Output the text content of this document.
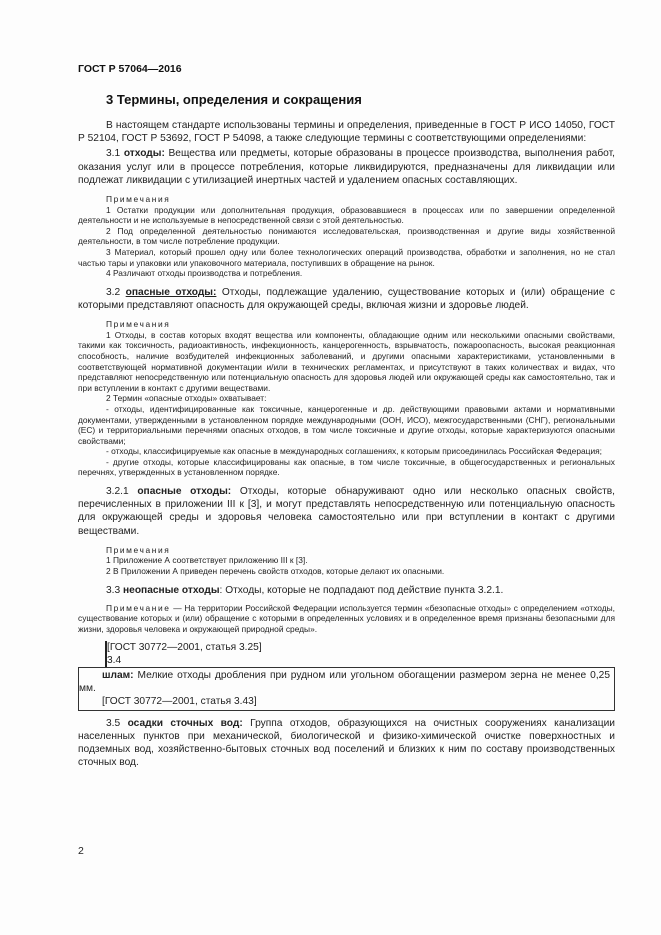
ГОСТ Р 57064—2016
3 Термины, определения и сокращения

В настоящем стандарте использованы термины и определения, приведенные в ГОСТ Р ИСО 14050, ГОСТ Р 52104, ГОСТ Р 53692, ГОСТ Р 54098, а также следующие термины с соответствующими определениями:

3.1 отходы: Вещества или предметы, которые образованы в процессе производства, выполнения работ, оказания услуг или в процессе потребления, которые ликвидируются, предназначены для ликвидации или подлежат ликвидации с утилизацией инертных частей и удалением опасных составляющих.

Примечания

1 Остатки продукции или дополнительная продукция, образовавшиеся в процессах или по завершении определенной деятельности и не используемые в непосредственной связи с этой деятельностью.

2 Под определенной деятельностью понимаются исследовательская, производственная и другие виды хозяйственной деятельности, в том числе потребление продукции.

3 Материал, который прошел одну или более технологических операций производства, обработки и заполнения, но не стал частью тары и упаковки или упаковочного материала, поступивших в обращение на рынок.

4 Различают отходы производства и потребления.

3.2 опасные отходы: Отходы, подлежащие удалению, существование которых и (или) обращение с которыми представляют опасность для окружающей среды, включая жизни и здоровье людей.

Примечания

1 Отходы, в состав которых входят вещества или компоненты, обладающие одним или несколькими опасными свойствами, такими как токсичность, радиоактивность, инфекционность, канцерогенность, взрывчатость, пожароопасность, высокая реакционная способность, наличие возбудителей инфекционных заболеваний, и другими опасными характеристиками, установленными в соответствующей нормативной документации и/или в технических регламентах, и присутствуют в таких количествах и видах, что представляют непосредственную или потенциальную опасность для здоровья людей или окружающей среды как самостоятельно, так и при вступлении в контакт с другими веществами.

2 Термин «опасные отходы» охватывает:

- отходы, идентифицированные как токсичные, канцерогенные и др. действующими правовыми актами и нормативными документами, утвержденными в установленном порядке международными (ООН, ИСО), межгосударственными (СНГ), региональными (ЕС) и территориальными перечнями опасных отходов, в том числе токсичные и другие отходы, которые характеризуются опасными свойствами;

- отходы, классифицируемые как опасные в международных соглашениях, к которым присоединилась Российская Федерация;

- другие отходы, которые классифицированы как опасные, в том числе токсичные, в общегосударственных и региональных перечнях, утвержденных в установленном порядке.

3.2.1 опасные отходы: Отходы, которые обнаруживают одно или несколько опасных свойств, перечисленных в приложении III к [3], и могут представлять непосредственную или потенциальную опасность для окружающей среды и здоровья человека самостоятельно или при вступлении в контакт с другими веществами.

Примечания

1 Приложение А соответствует приложению III к [3].

2 В Приложении А приведен перечень свойств отходов, которые делают их опасными.

3.3 неопасные отходы: Отходы, которые не подпадают под действие пункта 3.2.1.

Примечание — На территории Российской Федерации используется термин «безопасные отходы» с определением «отходы, существование которых и (или) обращение с которыми в определенных условиях и в определенное время признаны безопасными для жизни, здоровья человека и окружающей природной среды».

[ГОСТ 30772—2001, статья 3.25]
3.4

шлам: Мелкие отходы дробления при рудном или угольном обогащении размером зерна не менее 0,25 мм.

[ГОСТ 30772—2001, статья 3.43]

3.5 осадки сточных вод: Группа отходов, образующихся на очистных сооружениях канализации населенных пунктов при механической, биологической и физико-химической очистке поверхностных и подземных вод, хозяйственно-бытовых сточных вод поселений и близких к ним по составу производственных сточных вод.

2
